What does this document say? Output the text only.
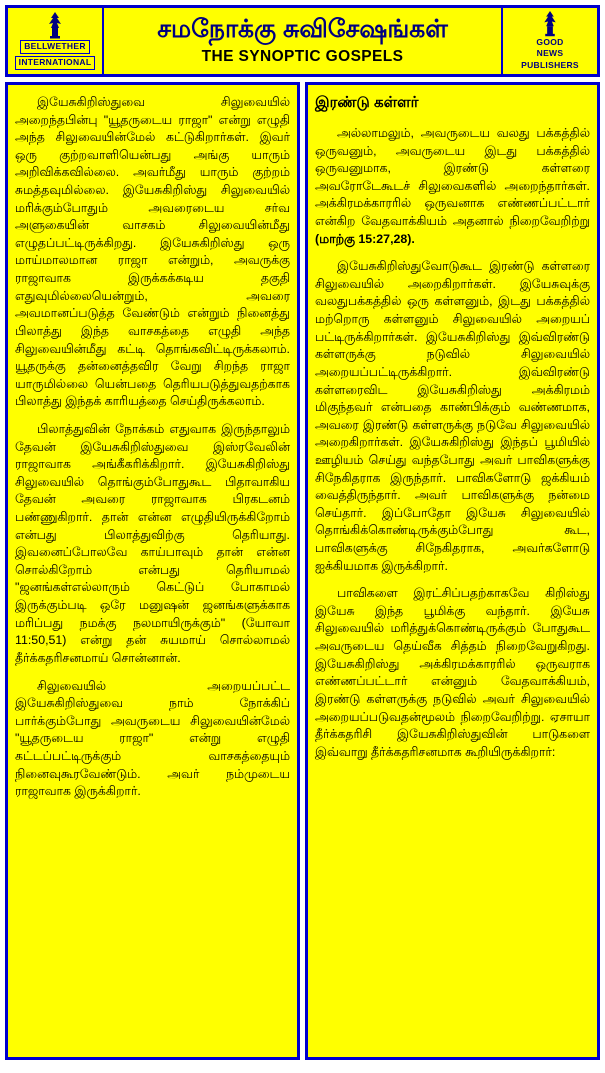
BELLWETHER
INTERNATIONAL
சமநோக்கு சுவிசேஷங்கள்
THE SYNOPTIC GOSPELS
GOOD
NEWS
PUBLISHERS

இயேசுகிறிஸ்துவை சிலுவையில் அறைந்தபின்பு "யூதருடைய ராஜா" என்று எழுதி அந்த சிலுவையின்மேல் கட்டுகிறார்கள். இவர் ஒரு குற்றவாளியென்பது அங்கு யாரும் அறிவிக்கவில்லை. அவர்மீது யாரும் குற்றம் சுமத்தவுமில்லை. இயேசுகிறிஸ்து சிலுவையில் மரிக்கும்போதும் அவரைடைய சர்வ அளுகையின் வாசகம் சிலுவையின்மீது எழுதப்பட்டிருக்கிறது. இயேசுகிறிஸ்து ஒரு மாய்மாலமான ராஜா என்றும், அவருக்கு ராஜாவாக இருக்கக்கடிய தகுதி எதுவுமில்லையென்றும், அவரை அவமானப்படுத்த வேண்டும் என்றும் நினைத்து பிலாத்து இந்த வாசகத்தை எழுதி அந்த சிலுவையின்மீது கட்டி தொங்கவிட்டிருக்கலாம். யூதருக்கு தன்னைத்தவிர வேறு சிறந்த ராஜா யாருமில்லை யென்பதை தெரியபடுத்துவதற்காக பிலாத்து இந்தக் காரியத்தை செய்திருக்கலாம்.

பிலாத்துவின் நோக்கம் எதுவாக இருந்தாலும் தேவன் இயேசுகிறிஸ்துவை இஸ்ரவேலின் ராஜாவாக அங்கீகரிக்கிறார். இயேசுகிறிஸ்து சிலுவையில் தொங்கும்போதுகூட பிதாவாகிய தேவன் அவரை ராஜாவாக பிரகடனம் பண்ணுகிறார். தான் என்ன எழுதியிருக்கிறோம் என்பது பிலாத்துவிற்கு தெரியாது. இவனைப்போலவே காய்பாவும் தான் என்ன சொல்கிறோம் என்பது தெரியாமல் "ஜனங்கள்எல்லாரும் கெட்டுப் போகாமல் இருக்கும்படி ஒரே மனுஷன் ஜனங்களுக்காக மரிப்பது நமக்கு நலமாயிருக்கும்" (யோவா 11:50,51) என்று தன் சுயமாய் சொல்லாமல் தீர்க்கதரிசனமாய் சொன்னான்.

சிலுவையில் அறையப்பட்ட இயேசுகிறிஸ்துவை நாம் நோக்கிப் பார்க்கும்போது அவருடைய சிலுவையின்மேல் "யூதருடைய ராஜா" என்று எழுதி கட்டப்பட்டிருக்கும் வாசகத்தையும் நினைவுகூரவேண்டும். அவர் நம்முடைய ராஜாவாக இருக்கிறார்.

இரண்டு கள்ளர்

அல்லாமலும், அவருடைய வலது பக்கத்தில் ஒருவனும், அவருடைய இடது பக்கத்தில் ஒருவனுமாக, இரண்டு கள்ளரை அவரோடேகூடச் சிலுவைகளில் அறைந்தார்கள். அக்கிரமக்காரரில் ஒருவனாக எண்ணப்பட்டார் என்கிற வேதவாக்கியம் அதனால் நிறைவேறிற்று (மாற்கு 15:27,28).

இயேசுகிறிஸ்துவோடுகூட இரண்டு கள்ளரை சிலுவையில் அறைகிறார்கள். இயேசுவுக்கு வலதுபக்கத்தில் ஒரு கள்ளனும், இடது பக்கத்தில் மற்றொரு கள்ளனும் சிலுவையில் அறையப் பட்டிருக்கிறார்கள். இயேசுகிறிஸ்து இவ்விரண்டு கள்ளருக்கு நடுவில் சிலுவையில் அறையப்பட்டிருக்கிறார். இவ்விரண்டு கள்ளரைவிட இயேசுகிறிஸ்து அக்கிரமம் மிகுந்தவர் என்பதை காண்பிக்கும் வண்ணமாக, அவரை இரண்டு கள்ளருக்கு நடுவே சிலுவையில் அறைகிறார்கள். இயேசுகிறிஸ்து இந்தப் பூமியில் ஊழியம் செய்து வந்தபோது அவர் பாவிகளுக்கு சிநேகிதராக இருந்தார். பாவிகளோடு ஜக்கியம் வைத்திருந்தார். அவர் பாவிகளுக்கு நன்மை செய்தார். இப்போதோ இயேசு சிலுவையில் தொங்கிக்கொண்டிருக்கும்போது கூட, பாவிகளுக்கு சிநேகிதராக, அவர்களோடு ஐக்கியமாக இருக்கிறார்.

பாவிகளை இரட்சிப்பதற்காகவே கிறிஸ்து இயேசு இந்த பூமிக்கு வந்தார். இயேசு சிலுவையில் மரித்துக்கொண்டிருக்கும் போதுகூட அவருடைய தெய்வீக சித்தம் நிறைவேறுகிறது. இயேசுகிறிஸ்து அக்கிரமக்காரரில் ஒருவராக எண்ணப்பட்டார் என்னும் வேதவாக்கியம், இரண்டு கள்ளருக்கு நடுவில் அவர் சிலுவையில் அறையப்படுவதன்மூலம் நிறைவேறிற்று. ஏசாயா தீர்க்கதரிசி இயேசுகிறிஸ்துவின் பாடுகளை இவ்வாறு தீர்க்கதரிசனமாக கூறியிருக்கிறார்:
